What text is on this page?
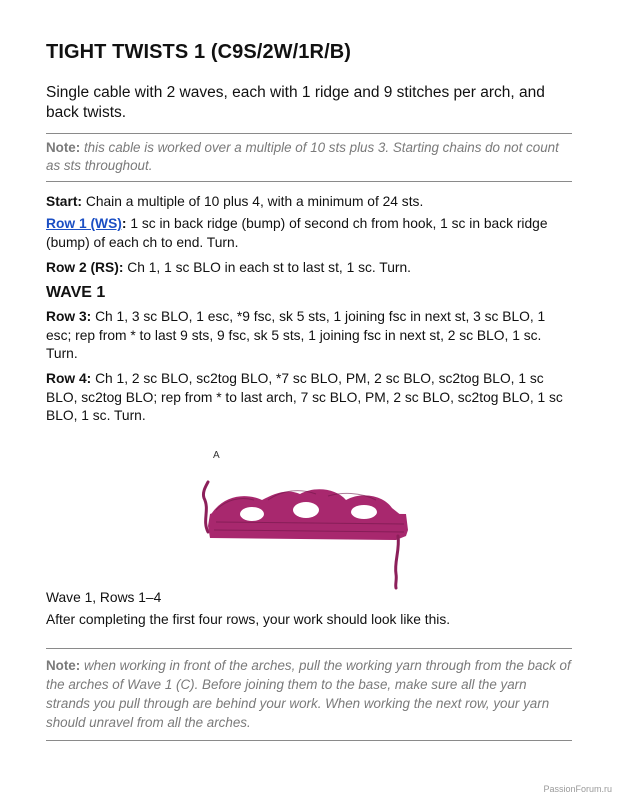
TIGHT TWISTS 1 (C9S/2W/1R/B)

Single cable with 2 waves, each with 1 ridge and 9 stitches per arch, and back twists.

Note: this cable is worked over a multiple of 10 sts plus 3. Starting chains do not count as sts throughout.

Start: Chain a multiple of 10 plus 4, with a minimum of 24 sts.

Row 1 (WS): 1 sc in back ridge (bump) of second ch from hook, 1 sc in back ridge (bump) of each ch to end. Turn.

Row 2 (RS): Ch 1, 1 sc BLO in each st to last st, 1 sc. Turn.

WAVE 1

Row 3: Ch 1, 3 sc BLO, 1 esc, *9 fsc, sk 5 sts, 1 joining fsc in next st, 3 sc BLO, 1 esc; rep from * to last 9 sts, 9 fsc, sk 5 sts, 1 joining fsc in next st, 2 sc BLO, 1 sc. Turn.

Row 4: Ch 1, 2 sc BLO, sc2tog BLO, *7 sc BLO, PM, 2 sc BLO, sc2tog BLO, 1 sc BLO, sc2tog BLO; rep from * to last arch, 7 sc BLO, PM, 2 sc BLO, sc2tog BLO, 1 sc BLO, 1 sc. Turn.

A

Wave 1, Rows 1–4

After completing the first four rows, your work should look like this.

Note: when working in front of the arches, pull the working yarn through from the back of the arches of Wave 1 (C). Before joining them to the base, make sure all the yarn strands you pull through are behind your work. When working the next row, your yarn should unravel from all the arches.
PassionForum.ru
